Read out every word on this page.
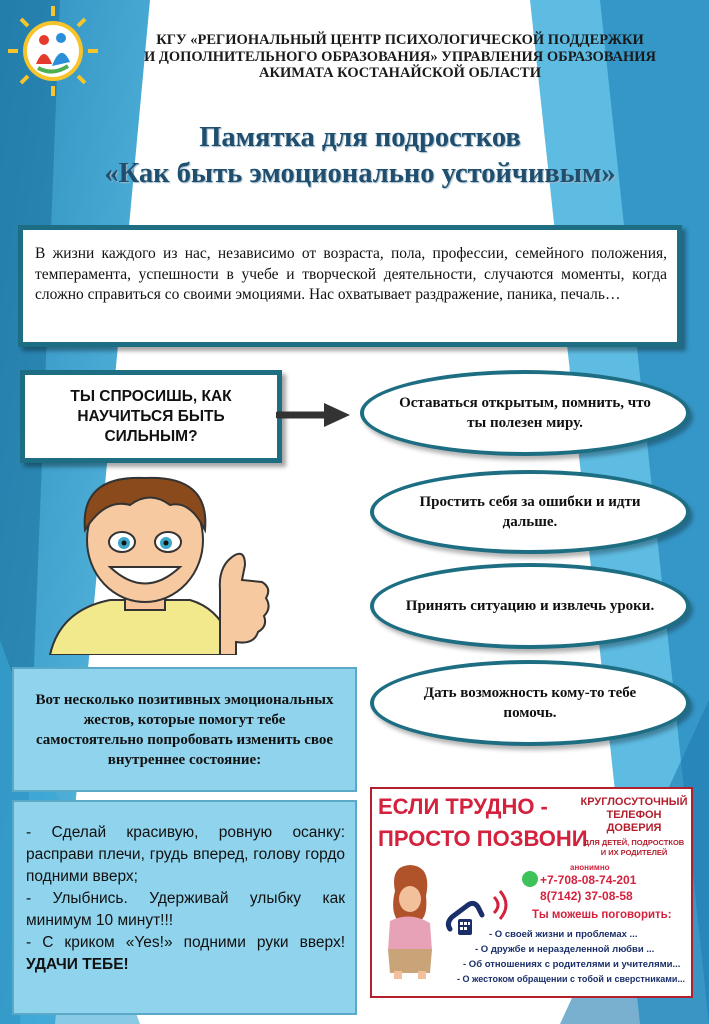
КГУ «РЕГИОНАЛЬНЫЙ ЦЕНТР ПСИХОЛОГИЧЕСКОЙ ПОДДЕРЖКИ
И ДОПОЛНИТЕЛЬНОГО ОБРАЗОВАНИЯ» УПРАВЛЕНИЯ ОБРАЗОВАНИЯ
АКИМАТА КОСТАНАЙСКОЙ ОБЛАСТИ
Памятка для подростков
«Как быть эмоционально устойчивым»
В жизни каждого из нас, независимо от возраста, пола, профессии, семейного положения, темперамента, успешности в учебе и творческой деятельности, случаются моменты, когда сложно справиться со своими эмоциями. Нас охватывает раздражение, паника, печаль…
ТЫ СПРОСИШЬ, КАК НАУЧИТЬСЯ БЫТЬ СИЛЬНЫМ?
Оставаться открытым, помнить, что ты полезен миру.
Простить себя за ошибки и идти дальше.
Принять ситуацию и извлечь уроки.
Дать возможность кому-то тебе помочь.
Вот несколько позитивных эмоциональных жестов, которые помогут тебе самостоятельно попробовать изменить свое внутреннее состояние:
- Сделай красивую, ровную осанку: расправи плечи, грудь вперед, голову гордо подними вверх;
- Улыбнись. Удерживай улыбку как минимум 10 минут!!!
- С криком «Yes!» подними руки вверх! УДАЧИ ТЕБЕ!
ЕСЛИ ТРУДНО -
ПРОСТО ПОЗВОНИ
КРУГЛОСУТОЧНЫЙ
ТЕЛЕФОН ДОВЕРИЯ
ДЛЯ ДЕТЕЙ, ПОДРОСТКОВ
И ИХ РОДИТЕЛЕЙ
анонимно
+7-708-08-74-201
8(7142) 37-08-58
Ты можешь поговорить:
- О своей жизни и проблемах ...
- О дружбе и неразделенной любви ...
- Об отношениях с родителями и учителями...
- О жестоком обращении с тобой и сверстниками...
